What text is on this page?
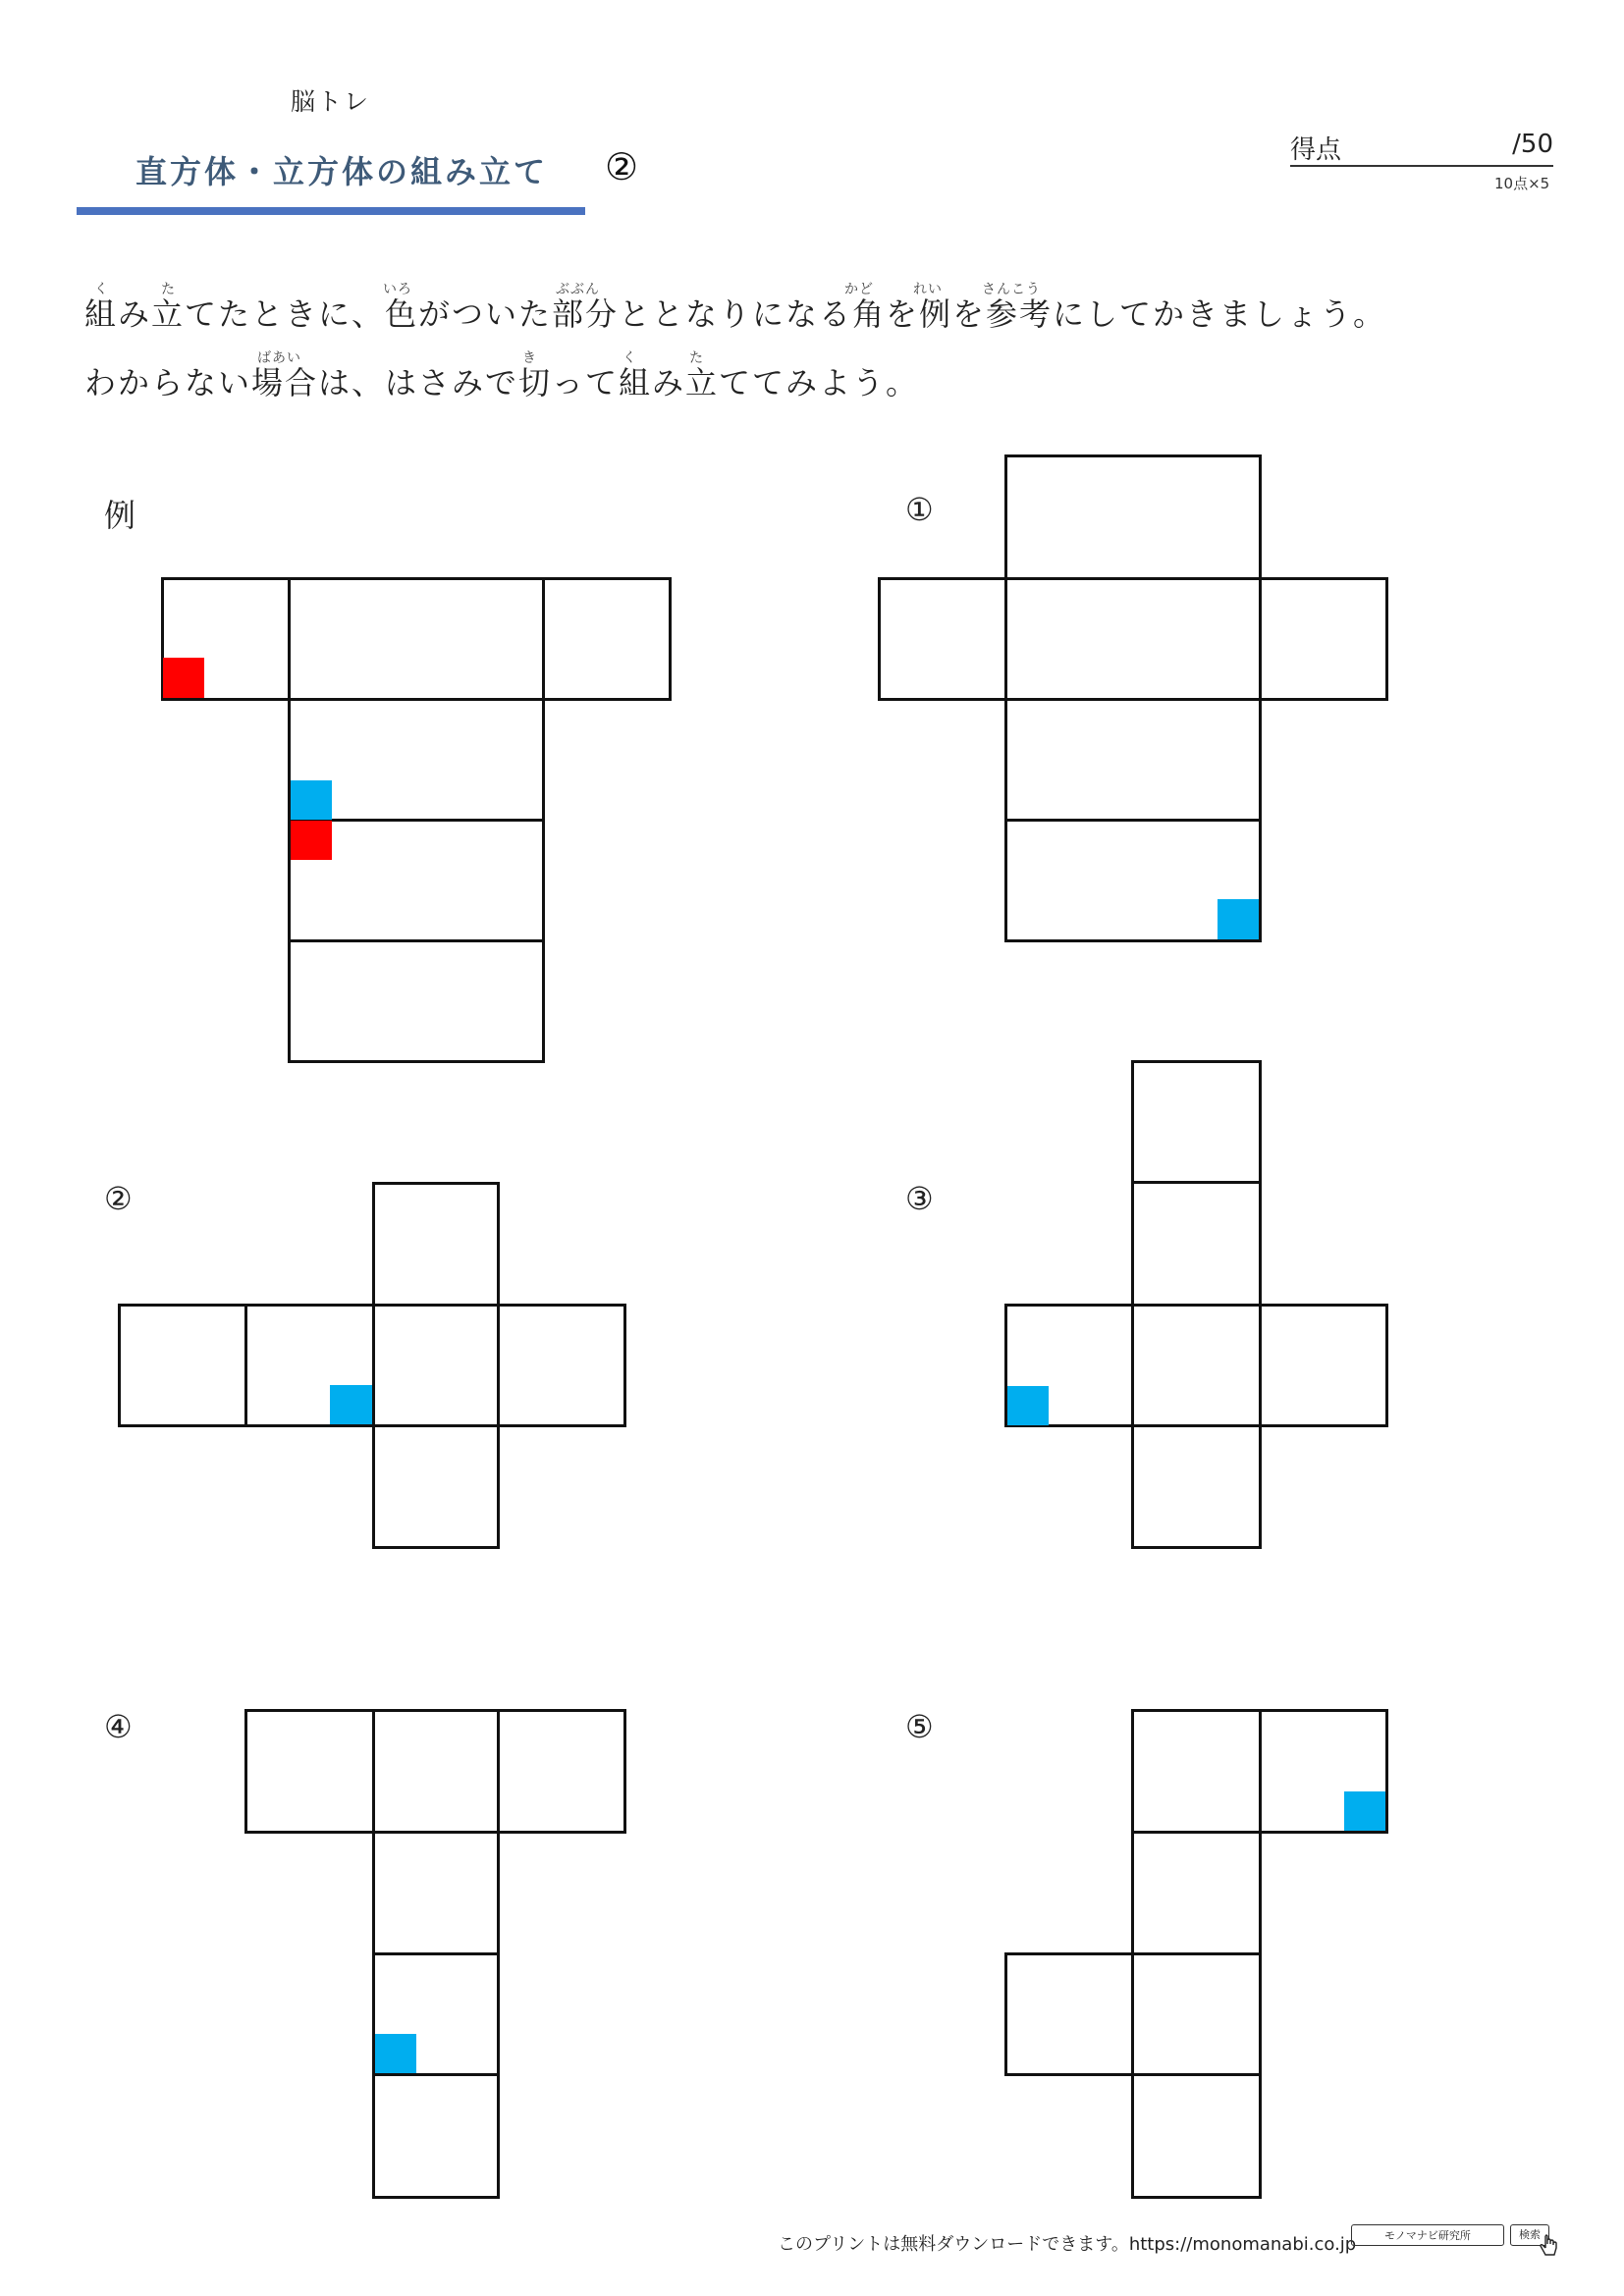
脳トレ
直方体・立方体の組み立て ②	得点	/50
10点×5
く	た	いろ	ぶぶん	かど	れい	さんこう
ばあい	き	く	た
組み立てたときに、色がついた部分ととなりになる角を例を参考にしてかきましょう。
わからない場合は、はさみで切って組み立ててみよう。
例	①
②	③
④	⑤
このプリントは無料ダウンロードできます。https://monomanabi.co.jp	モノマナビ研究所	検索
